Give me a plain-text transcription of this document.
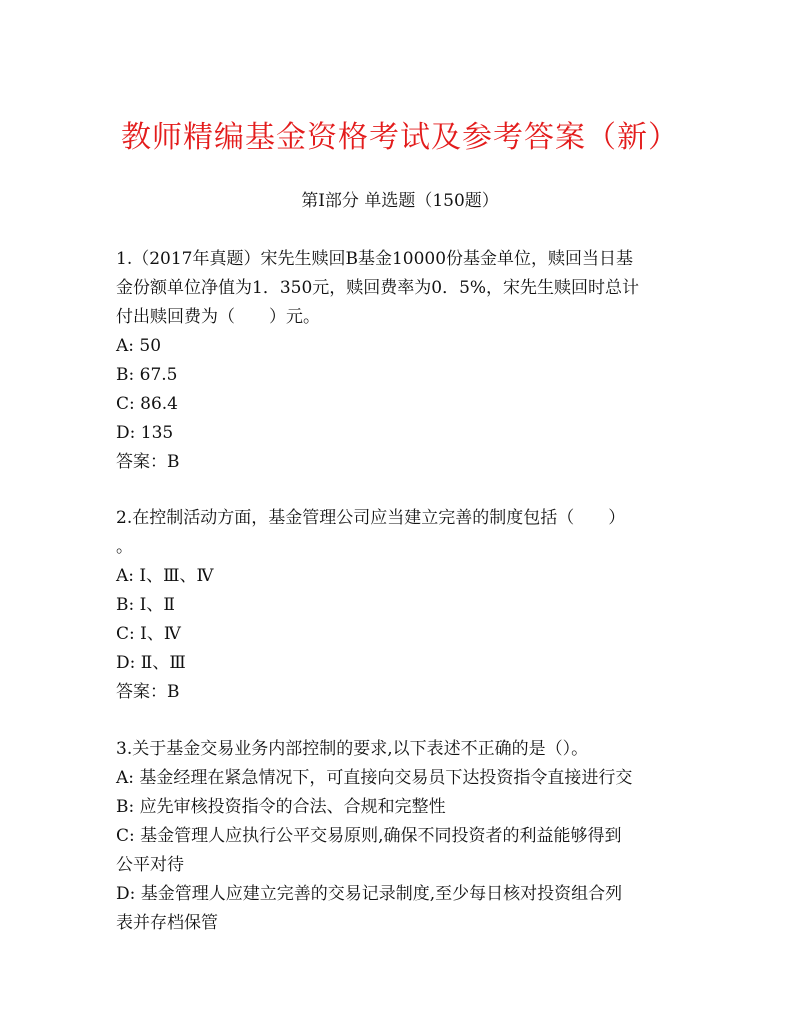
教师精编基金资格考试及参考答案（新）
第Ⅰ部分 单选题（150题）
1.（2017年真题）宋先生赎回B基金10000份基金单位，赎回当日基
金份额单位净值为1．350元，赎回费率为0．5%，宋先生赎回时总计
付出赎回费为（　　）元。
A: 50
B: 67.5
C: 86.4
D: 135
答案：B
2.在控制活动方面，基金管理公司应当建立完善的制度包括（　　）
。
A: Ⅰ、Ⅲ、Ⅳ
B: Ⅰ、Ⅱ
C: Ⅰ、Ⅳ
D: Ⅱ、Ⅲ
答案：B
3.关于基金交易业务内部控制的要求,以下表述不正确的是（）。
A: 基金经理在紧急情况下，可直接向交易员下达投资指令直接进行交
B: 应先审核投资指令的合法、合规和完整性
C: 基金管理人应执行公平交易原则,确保不同投资者的利益能够得到
公平对待
D: 基金管理人应建立完善的交易记录制度,至少每日核对投资组合列
表并存档保管
